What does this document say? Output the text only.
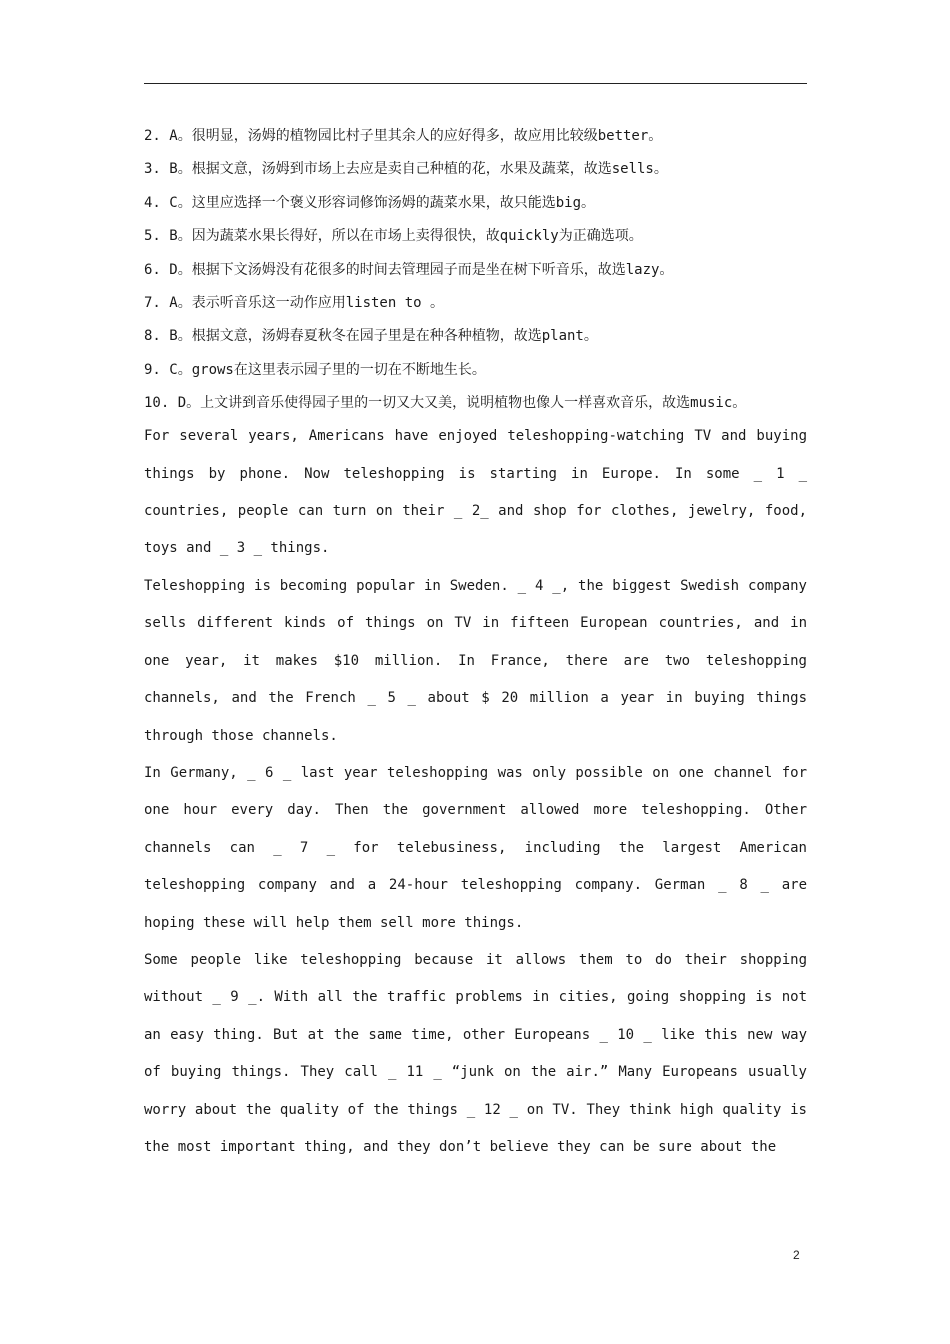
2. A。很明显，汤姆的植物园比村子里其余人的应好得多，故应用比较级better。
3. B。根据文意，汤姆到市场上去应是卖自己种植的花，水果及蔬菜，故选sells。
4. C。这里应选择一个褒义形容词修饰汤姆的蔬菜水果，故只能选big。
5. B。因为蔬菜水果长得好，所以在市场上卖得很快，故quickly为正确选项。
6. D。根据下文汤姆没有花很多的时间去管理园子而是坐在树下听音乐，故选lazy。
7. A。表示听音乐这一动作应用listen to 。
8. B。根据文意，汤姆春夏秋冬在园子里是在种各种植物，故选plant。
9. C。grows在这里表示园子里的一切在不断地生长。
10. D。上文讲到音乐使得园子里的一切又大又美，说明植物也像人一样喜欢音乐，故选music。
For several years, Americans have enjoyed teleshopping-watching TV and buying things by phone. Now teleshopping is starting in Europe. In some _ 1 _ countries, people can turn on their _ 2_ and shop for clothes, jewelry, food, toys and _ 3 _ things.
Teleshopping is becoming popular in Sweden. _ 4 _, the biggest Swedish company sells different kinds of things on TV in fifteen European countries, and in one year, it makes $10 million. In France, there are two teleshopping channels, and the French _ 5 _ about $ 20 million a year in buying things through those channels.
In Germany, _ 6 _ last year teleshopping was only possible on one channel for one hour every day. Then the government allowed more teleshopping. Other channels can _ 7 _ for telebusiness, including the largest American teleshopping company and a 24-hour teleshopping company. German _ 8 _ are hoping these will help them sell more things.
Some people like teleshopping because it allows them to do their shopping without _ 9 _. With all the traffic problems in cities, going shopping is not an easy thing. But at the same time, other Europeans _ 10 _ like this new way of buying things. They call _ 11 _ “junk on the air.” Many Europeans usually worry about the quality of the things _ 12 _ on TV. They think high quality is the most important thing, and they don’t believe they can be sure about the
2
